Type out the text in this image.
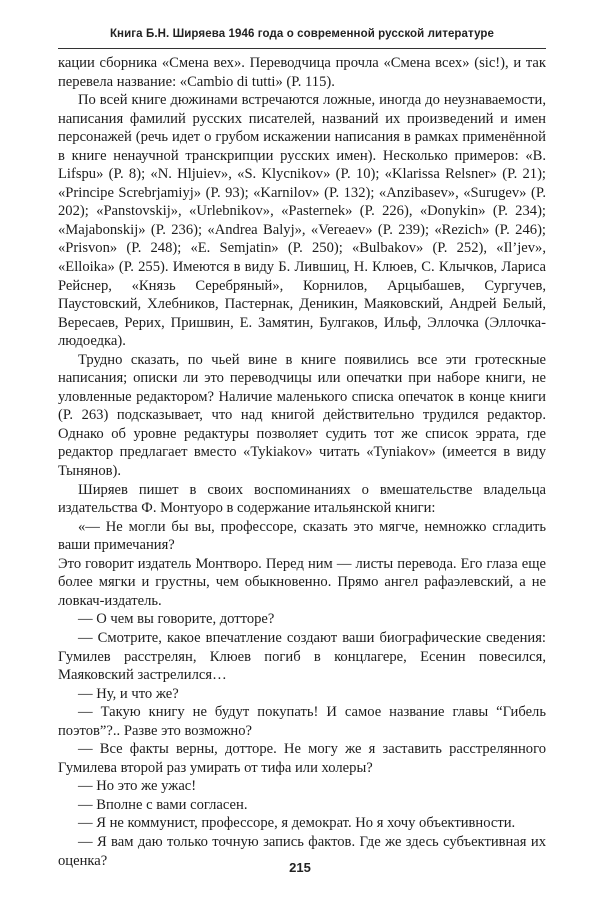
Книга Б.Н. Ширяева 1946 года о современной русской литературе

кации сборника «Смена вех». Переводчица прочла «Смена всех» (sic!), и так перевела название: «Cambio di tutti» (P. 115).

По всей книге дюжинами встречаются ложные, иногда до неузнаваемости, написания фамилий русских писателей, названий их произведений и имен персонажей (речь идет о грубом искажении написания в рамках применённой в книге ненаучной транскрипции русских имен). Несколько примеров: «B. Lifspu» (P. 8); «N. Hljuiev», «S. Klycnikov» (P. 10); «Klarissa Relsner» (P. 21); «Principe Screbrjamiyj» (P. 93); «Karnilov» (P. 132); «Anzibasev», «Surugev» (P. 202); «Panstovskij», «Urlebnikov», «Pasternek» (P. 226), «Donykin» (P. 234); «Majabonskij» (P. 236); «Andrea Balyj», «Vereaev» (P. 239); «Rezich» (P. 246); «Prisvon» (P. 248); «E. Semjatin» (P. 250); «Bulbakov» (P. 252), «Il’jev», «Elloika» (P. 255). Имеются в виду Б. Лившиц, Н. Клюев, С. Клычков, Лариса Рейснер, «Князь Серебряный», Корнилов, Арцыбашев, Сургучев, Паустовский, Хлебников, Пастернак, Деникин, Маяковский, Андрей Белый, Вересаев, Рерих, Пришвин, Е. Замятин, Булгаков, Ильф, Эллочка (Эллочка-людоедка).

Трудно сказать, по чьей вине в книге появились все эти гротескные написания; описки ли это переводчицы или опечатки при наборе книги, не уловленные редактором? Наличие маленького списка опечаток в конце книги (P. 263) подсказывает, что над книгой действительно трудился редактор. Однако об уровне редактуры позволяет судить тот же список эррата, где редактор предлагает вместо «Tykiakov» читать «Tyniakov» (имеется в виду Тынянов).

Ширяев пишет в своих воспоминаниях о вмешательстве владельца издательства Ф. Монтуоро в содержание итальянской книги:

«— Не могли бы вы, профессоре, сказать это мягче, немножко сгладить ваши примечания?

Это говорит издатель Монтворо. Перед ним — листы перевода. Его глаза еще более мягки и грустны, чем обыкновенно. Прямо ангел рафаэлевский, а не ловкач-издатель.

— О чем вы говорите, дотторе?

— Смотрите, какое впечатление создают ваши биографические сведения: Гумилев расстрелян, Клюев погиб в концлагере, Есенин повесился, Маяковский застрелился…

— Ну, и что же?

— Такую книгу не будут покупать! И самое название главы “Гибель поэтов”?.. Разве это возможно?

— Все факты верны, дотторе. Не могу же я заставить расстрелянного Гумилева второй раз умирать от тифа или холеры?

— Но это же ужас!

— Вполне с вами согласен.

— Я не коммунист, профессоре, я демократ. Но я хочу объективности.

— Я вам даю только точную запись фактов. Где же здесь субъективная их оценка?	215
